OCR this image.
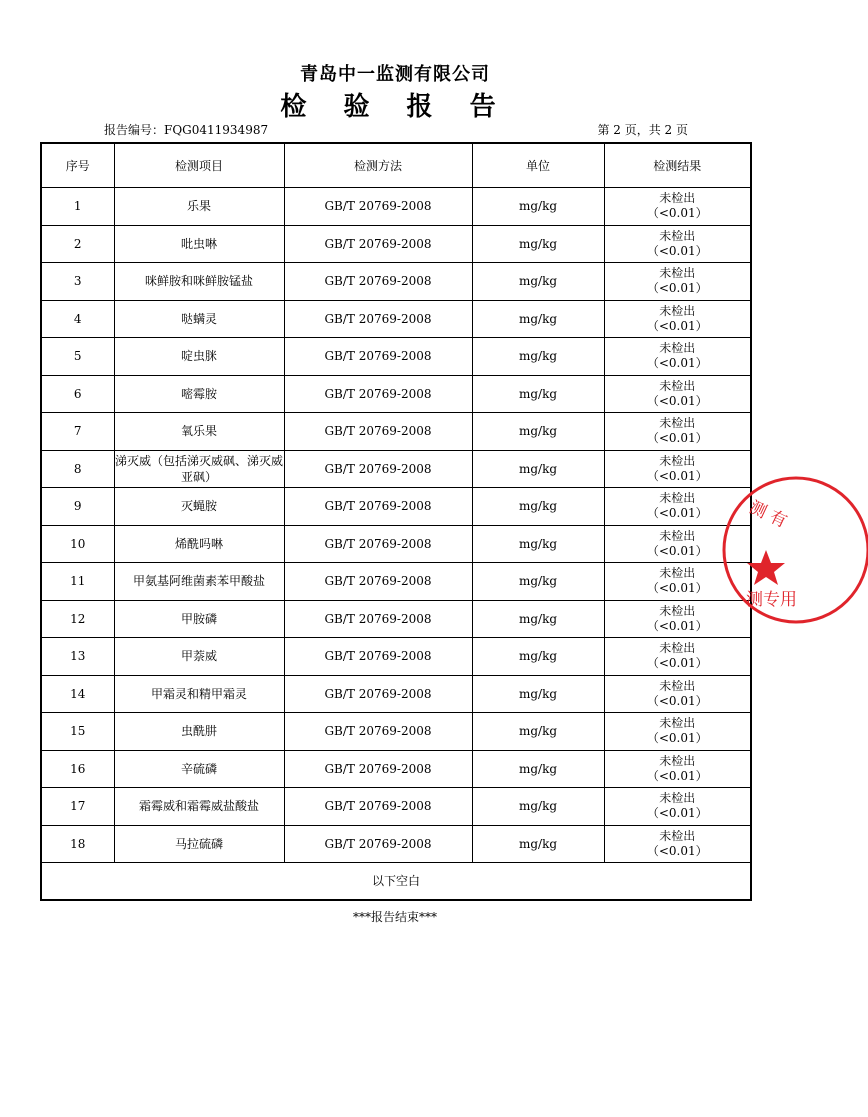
青岛中一监测有限公司
检 验 报 告
报告编号：FQG0411934987	第 2 页，共 2 页
序号	检测项目	检测方法	单位	检测结果
1	乐果	GB/T 20769-2008	mg/kg	未检出
（<0.01）

2	吡虫啉	GB/T 20769-2008	mg/kg	未检出
（<0.01）

3	咪鲜胺和咪鲜胺锰盐	GB/T 20769-2008	mg/kg	未检出
（<0.01）

4	哒螨灵	GB/T 20769-2008	mg/kg	未检出
（<0.01）

5	啶虫脒	GB/T 20769-2008	mg/kg	未检出
（<0.01）

6	嘧霉胺	GB/T 20769-2008	mg/kg	未检出
（<0.01）

7	氧乐果	GB/T 20769-2008	mg/kg	未检出
（<0.01）

8	涕灭威（包括涕灭威砜、涕灭威亚砜）	GB/T 20769-2008	mg/kg	未检出
（<0.01）

9	灭蝇胺	GB/T 20769-2008	mg/kg	未检出
（<0.01）

10	烯酰吗啉	GB/T 20769-2008	mg/kg	未检出
（<0.01）

11	甲氨基阿维菌素苯甲酸盐	GB/T 20769-2008	mg/kg	未检出
（<0.01）

12	甲胺磷	GB/T 20769-2008	mg/kg	未检出
（<0.01）

13	甲萘威	GB/T 20769-2008	mg/kg	未检出
（<0.01）

14	甲霜灵和精甲霜灵	GB/T 20769-2008	mg/kg	未检出
（<0.01）

15	虫酰肼	GB/T 20769-2008	mg/kg	未检出
（<0.01）

16	辛硫磷	GB/T 20769-2008	mg/kg	未检出
（<0.01）

17	霜霉威和霜霉威盐酸盐	GB/T 20769-2008	mg/kg	未检出
（<0.01）

18	马拉硫磷	GB/T 20769-2008	mg/kg	未检出
（<0.01）

以下空白				
***报告结束***
测 有
测专用
